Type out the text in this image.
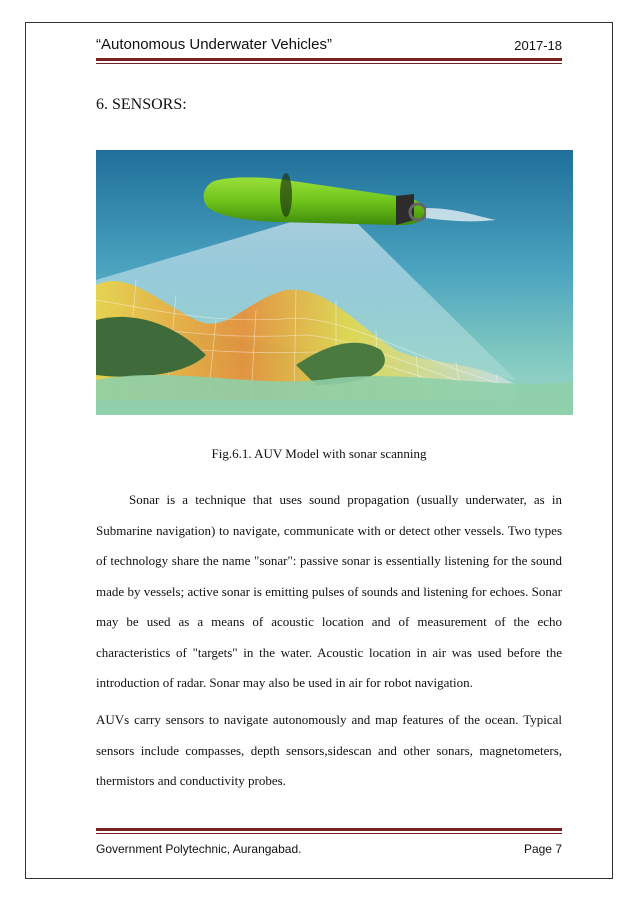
“Autonomous Underwater Vehicles”	2017-18
6. SENSORS:
Fig.6.1. AUV Model with sonar scanning

Sonar is a technique that uses sound propagation (usually underwater, as in Submarine navigation) to navigate, communicate with or detect other vessels. Two types of technology share the name "sonar": passive sonar is essentially listening for the sound made by vessels; active sonar is emitting pulses of sounds and listening for echoes. Sonar may be used as a means of acoustic location and of measurement of the echo characteristics of "targets" in the water. Acoustic location in air was used before the introduction of radar. Sonar may also be used in air for robot navigation.

AUVs carry sensors to navigate autonomously and map features of the ocean. Typical sensors include compasses, depth sensors,sidescan and other sonars, magnetometers, thermistors and conductivity probes.

Government Polytechnic, Aurangabad.	Page 7
